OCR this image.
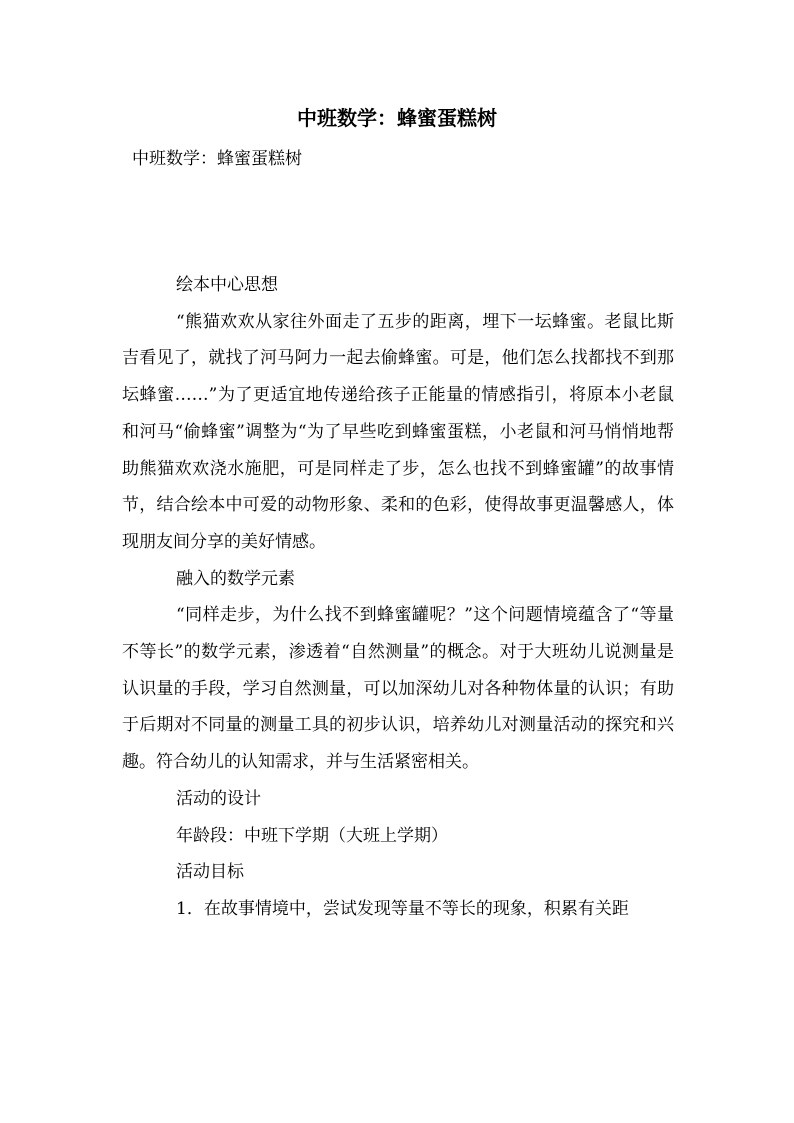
中班数学：蜂蜜蛋糕树
中班数学：蜂蜜蛋糕树

绘本中心思想

“熊猫欢欢从家往外面走了五步的距离，埋下一坛蜂蜜。老鼠比斯吉看见了，就找了河马阿力一起去偷蜂蜜。可是，他们怎么找都找不到那坛蜂蜜……”为了更适宜地传递给孩子正能量的情感指引，将原本小老鼠和河马“偷蜂蜜”调整为“为了早些吃到蜂蜜蛋糕，小老鼠和河马悄悄地帮助熊猫欢欢浇水施肥，可是同样走了步，怎么也找不到蜂蜜罐”的故事情节，结合绘本中可爱的动物形象、柔和的色彩，使得故事更温馨感人，体现朋友间分享的美好情感。

融入的数学元素

“同样走步，为什么找不到蜂蜜罐呢？”这个问题情境蕴含了“等量不等长”的数学元素，渗透着“自然测量”的概念。对于大班幼儿说测量是认识量的手段，学习自然测量，可以加深幼儿对各种物体量的认识；有助于后期对不同量的测量工具的初步认识，培养幼儿对测量活动的探究和兴趣。符合幼儿的认知需求，并与生活紧密相关。

活动的设计

年龄段：中班下学期（大班上学期）

活动目标

1．在故事情境中，尝试发现等量不等长的现象，积累有关距
